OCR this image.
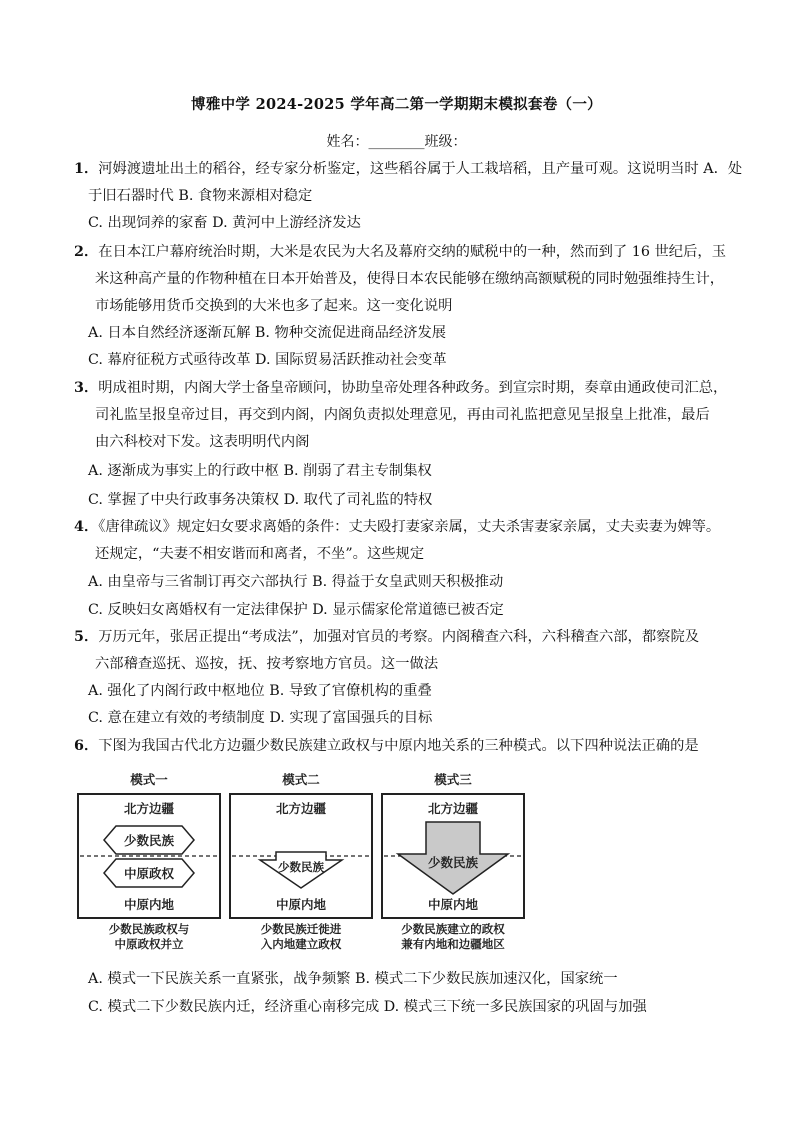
博雅中学 2024-2025 学年高二第一学期期末模拟套卷（一）
姓名：________班级：
1．河姆渡遗址出土的稻谷，经专家分析鉴定，这些稻谷属于人工栽培稻，且产量可观。这说明当时 A．处
于旧石器时代 B. 食物来源相对稳定
C. 出现饲养的家畜 D. 黄河中上游经济发达
2．在日本江户幕府统治时期，大米是农民为大名及幕府交纳的赋税中的一种，然而到了 16 世纪后，玉
米这种高产量的作物种植在日本开始普及，使得日本农民能够在缴纳高额赋税的同时勉强维持生计，
市场能够用货币交换到的大米也多了起来。这一变化说明
A. 日本自然经济逐渐瓦解 B. 物种交流促进商品经济发展
C. 幕府征税方式亟待改革 D. 国际贸易活跃推动社会变革
3．明成祖时期，内阁大学士备皇帝顾问，协助皇帝处理各种政务。到宣宗时期，奏章由通政使司汇总，
司礼监呈报皇帝过目，再交到内阁，内阁负责拟处理意见，再由司礼监把意见呈报皇上批准，最后
由六科校对下发。这表明明代内阁
A. 逐渐成为事实上的行政中枢 B. 削弱了君主专制集权
C. 掌握了中央行政事务决策权 D. 取代了司礼监的特权
4．《唐律疏议》规定妇女要求离婚的条件：丈夫殴打妻家亲属，丈夫杀害妻家亲属，丈夫卖妻为婢等。
还规定，“夫妻不相安谐而和离者，不坐”。这些规定
A. 由皇帝与三省制订再交六部执行 B. 得益于女皇武则天积极推动
C. 反映妇女离婚权有一定法律保护 D. 显示儒家伦常道德已被否定
5．万历元年，张居正提出“考成法”，加强对官员的考察。内阁稽查六科，六科稽查六部，都察院及
六部稽查巡抚、巡按，抚、按考察地方官员。这一做法
A. 强化了内阁行政中枢地位 B. 导致了官僚机构的重叠
C. 意在建立有效的考绩制度 D. 实现了富国强兵的目标
6．下图为我国古代北方边疆少数民族建立政权与中原内地关系的三种模式。以下四种说法正确的是
模式一
北方边疆
少数民族
中原政权
中原内地
少数民族政权与
中原政权并立
模式二
北方边疆
少数民族
中原内地
少数民族迁徙进
入内地建立政权
模式三
北方边疆
少数民族
中原内地
少数民族建立的政权
兼有内地和边疆地区
A. 模式一下民族关系一直紧张，战争频繁 B. 模式二下少数民族加速汉化，国家统一
C. 模式二下少数民族内迁，经济重心南移完成 D. 模式三下统一多民族国家的巩固与加强
